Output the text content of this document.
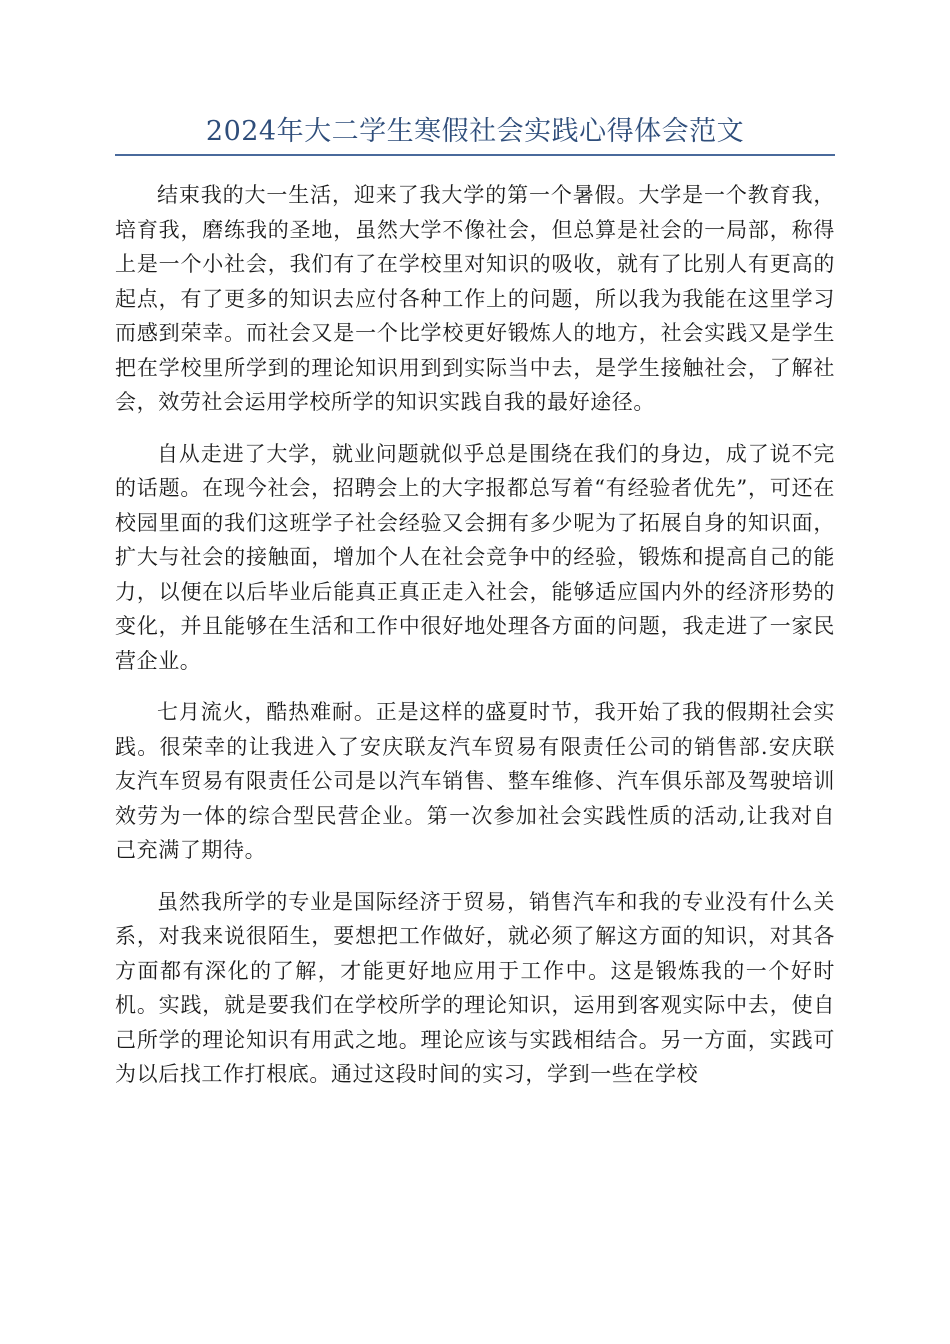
2024年大二学生寒假社会实践心得体会范文

结束我的大一生活，迎来了我大学的第一个暑假。大学是一个教育我，培育我，磨练我的圣地，虽然大学不像社会，但总算是社会的一局部，称得上是一个小社会，我们有了在学校里对知识的吸收，就有了比别人有更高的起点，有了更多的知识去应付各种工作上的问题，所以我为我能在这里学习而感到荣幸。而社会又是一个比学校更好锻炼人的地方，社会实践又是学生把在学校里所学到的理论知识用到到实际当中去，是学生接触社会，了解社会，效劳社会运用学校所学的知识实践自我的最好途径。

自从走进了大学，就业问题就似乎总是围绕在我们的身边，成了说不完的话题。在现今社会，招聘会上的大字报都总写着“有经验者优先”，可还在校园里面的我们这班学子社会经验又会拥有多少呢为了拓展自身的知识面，扩大与社会的接触面，增加个人在社会竞争中的经验，锻炼和提高自己的能力，以便在以后毕业后能真正真正走入社会，能够适应国内外的经济形势的变化，并且能够在生活和工作中很好地处理各方面的问题，我走进了一家民营企业。

七月流火，酷热难耐。正是这样的盛夏时节，我开始了我的假期社会实践。很荣幸的让我进入了安庆联友汽车贸易有限责任公司的销售部.安庆联友汽车贸易有限责任公司是以汽车销售、整车维修、汽车俱乐部及驾驶培训效劳为一体的综合型民营企业。第一次参加社会实践性质的活动,让我对自己充满了期待。

虽然我所学的专业是国际经济于贸易，销售汽车和我的专业没有什么关系，对我来说很陌生，要想把工作做好，就必须了解这方面的知识，对其各方面都有深化的了解，才能更好地应用于工作中。这是锻炼我的一个好时机。实践，就是要我们在学校所学的理论知识，运用到客观实际中去，使自己所学的理论知识有用武之地。理论应该与实践相结合。另一方面，实践可为以后找工作打根底。通过这段时间的实习，学到一些在学校
